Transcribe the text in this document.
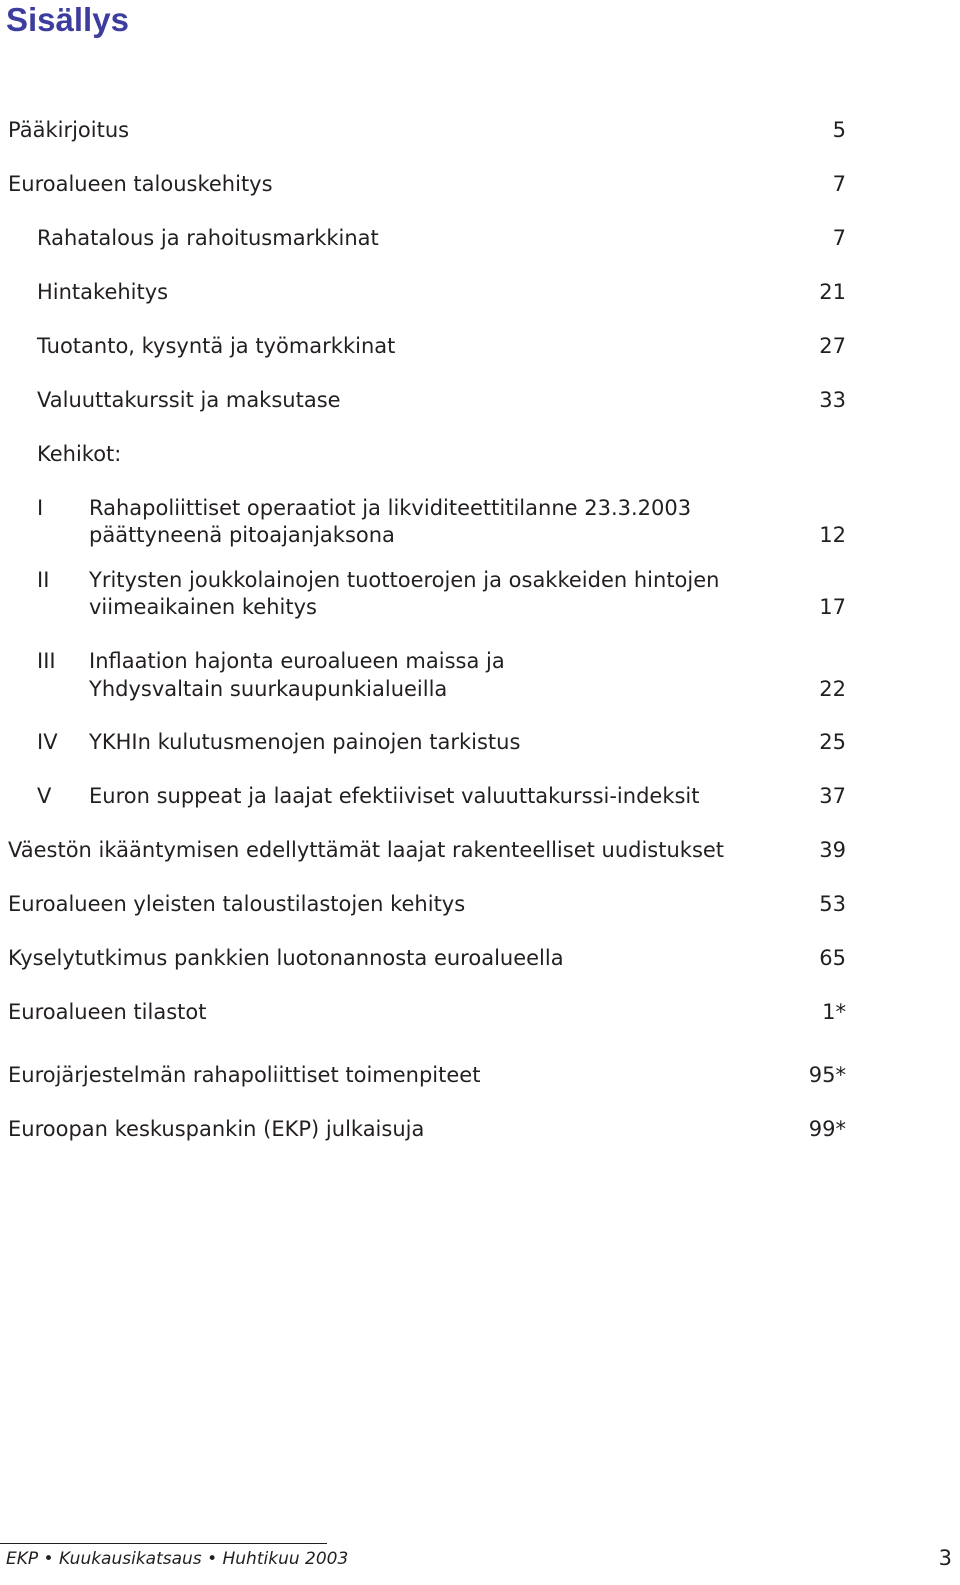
Sisällys
Pääkirjoitus	5
Euroalueen talouskehitys	7
Rahatalous ja rahoitusmarkkinat	7
Hintakehitys	21
Tuotanto, kysyntä ja työmarkkinat	27
Valuuttakurssit ja maksutase	33
Kehikot:
I Rahapoliittiset operaatiot ja likviditeettitilanne 23.3.2003
päättyneenä pitoajanjaksona	12
II Yritysten joukkolainojen tuottoerojen ja osakkeiden hintojen
viimeaikainen kehitys	17
III Inflaation hajonta euroalueen maissa ja
Yhdysvaltain suurkaupunkialueilla	22
IV YKHIn kulutusmenojen painojen tarkistus	25
V Euron suppeat ja laajat efektiiviset valuuttakurssi-indeksit	37
Väestön ikääntymisen edellyttämät laajat rakenteelliset uudistukset	39
Euroalueen yleisten taloustilastojen kehitys	53
Kyselytutkimus pankkien luotonannosta euroalueella	65
Euroalueen tilastot	1*
Eurojärjestelmän rahapoliittiset toimenpiteet	95*
Euroopan keskuspankin (EKP) julkaisuja	99*
EKP • Kuukausikatsaus • Huhtikuu 2003	3
